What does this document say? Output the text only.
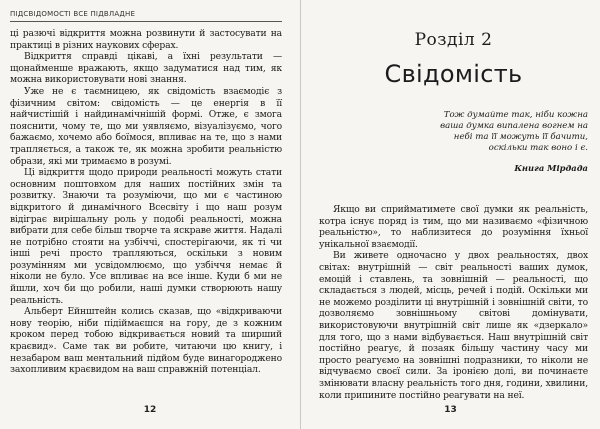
ПІДСВІДОМОСТІ ВСЕ ПІДВЛАДНЕ

ці разючі відкриття можна розвинути й застосувати на практиці в різних наукових сферах.

Відкриття справді цікаві, а їхні результати — щонайменше вражають, якщо задуматися над тим, як можна використовувати нові знання.

Уже не є таємницею, як свідомість взаємодіє з фізичним світом: свідомість — це енергія в її найчистішій і найдинамічнішій формі. Отже, є змога пояснити, чому те, що ми уявляємо, візуалізуємо, чого бажаємо, хочемо або боїмося, впливає на те, що з нами трапляється, а також те, як можна зробити реальністю образи, які ми тримаємо в розумі.

Ці відкриття щодо природи реальності можуть стати основним поштовхом для наших постійних змін та розвитку. Знаючи та розуміючи, що ми є частиною відкритого й динамічного Всесвіту і що наш розум відіграє вирішальну роль у подобі реальності, можна вибрати для себе більш творче та яскраве життя. Надалі не потрібно стояти на узбіччі, спостерігаючи, як ті чи інші речі просто трапляються, оскільки з новим розумінням ми усвідомлюємо, що узбіччя немає й ніколи не було. Усе впливає на все інше. Куди б ми не йшли, хоч би що робили, наші думки створюють нашу реальність.

Альберт Ейнштейн колись сказав, що «відкриваючи нову теорію, ніби підіймаєшся на гору, де з кожним кроком перед тобою відкривається новий та ширший краєвид». Саме так ви робите, читаючи цю книгу, і незабаром ваш ментальний підйом буде винагороджено захопливим краєвидом на ваш справжній потенціал.

12
Розділ 2
Свідомість
Тож думайте так, ніби кожна ваша думка випалена вогнем на небі та її можуть її бачити, оскільки так воно і є.
Книга Мірдада

Якщо ви сприйматимете свої думки як реальність, котра існує поряд із тим, що ми називаємо «фізичною реальністю», то наблизитеся до розуміння їхньої унікальної взаємодії.

Ви живете одночасно у двох реальностях, двох світах: внутрішній — світ реальності ваших думок, емоцій і ставлень, та зовнішній — реальності, що складається з людей, місць, речей і подій. Оскільки ми не можемо розділити ці внутрішній і зовнішній світи, то дозволяємо зовнішньому світові домінувати, використовуючи внутрішній світ лише як «дзеркало» для того, що з нами відбувається. Наш внутрішній світ постійно реагує, й позаяк більшу частину часу ми просто реагуємо на зовнішні подразники, то ніколи не відчуваємо своєї сили. За іронією долі, ви починаєте змінювати власну реальність того дня, години, хвилини, коли припините постійно реагувати на неї.

13
